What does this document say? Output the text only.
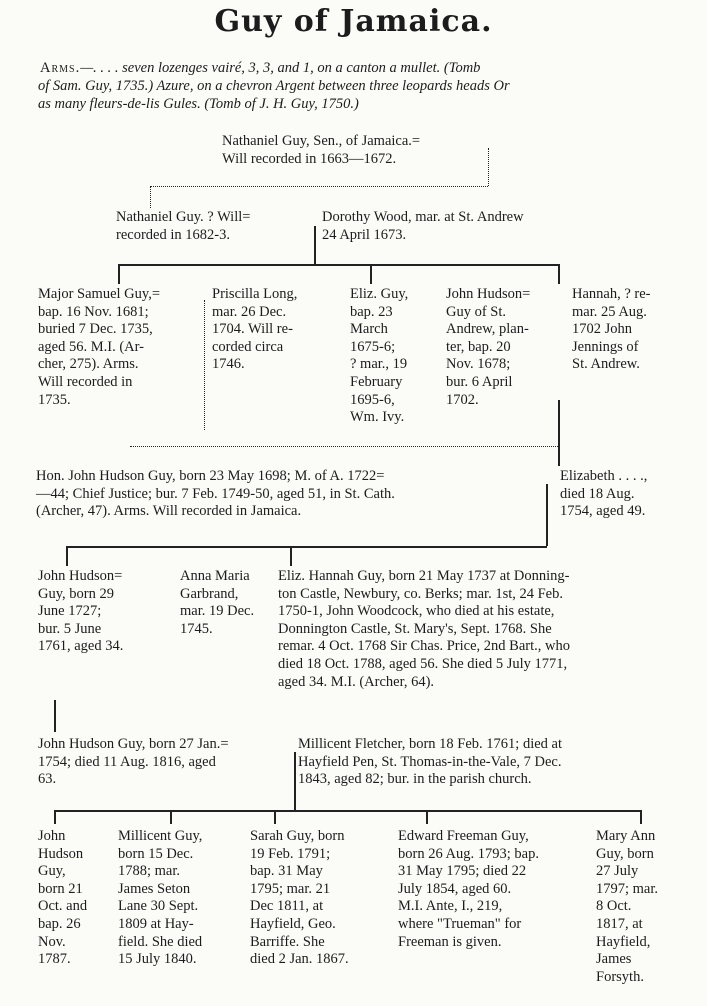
Guy of Jamaica.
Arms.—. . . . seven lozenges vairé, 3, 3, and 1, on a canton a mullet. (Tomb
of Sam. Guy, 1735.) Azure, on a chevron Argent between three leopards heads Or
as many fleurs-de-lis Gules. (Tomb of J. H. Guy, 1750.)
Nathaniel Guy, Sen., of Jamaica.=
Will recorded in 1663—1672.
Nathaniel Guy. ? Will=
recorded in 1682-3.
Dorothy Wood, mar. at St. Andrew
24 April 1673.
Major Samuel Guy,=
bap. 16 Nov. 1681;
buried 7 Dec. 1735,
aged 56. M.I. (Ar-
cher, 275). Arms.
Will recorded in
1735.
Priscilla Long,
mar. 26 Dec.
1704. Will re-
corded circa
1746.
Eliz. Guy,
bap. 23
March
1675-6;
? mar., 19
February
1695-6,
Wm. Ivy.
John Hudson=
Guy of St.
Andrew, plan-
ter, bap. 20
Nov. 1678;
bur. 6 April
1702.
Hannah, ? re-
mar. 25 Aug.
1702 John
Jennings of
St. Andrew.
Hon. John Hudson Guy, born 23 May 1698; M. of A. 1722=
—44; Chief Justice; bur. 7 Feb. 1749-50, aged 51, in St. Cath.
(Archer, 47). Arms. Will recorded in Jamaica.
Elizabeth . . . .,
died 18 Aug.
1754, aged 49.
John Hudson=
Guy, born 29
June 1727;
bur. 5 June
1761, aged 34.
Anna Maria
Garbrand,
mar. 19 Dec.
1745.
Eliz. Hannah Guy, born 21 May 1737 at Donning-
ton Castle, Newbury, co. Berks; mar. 1st, 24 Feb.
1750-1, John Woodcock, who died at his estate,
Donnington Castle, St. Mary's, Sept. 1768. She
remar. 4 Oct. 1768 Sir Chas. Price, 2nd Bart., who
died 18 Oct. 1788, aged 56. She died 5 July 1771,
aged 34. M.I. (Archer, 64).
John Hudson Guy, born 27 Jan.=
1754; died 11 Aug. 1816, aged
63.
Millicent Fletcher, born 18 Feb. 1761; died at
Hayfield Pen, St. Thomas-in-the-Vale, 7 Dec.
1843, aged 82; bur. in the parish church.
John
Hudson
Guy,
born 21
Oct. and
bap. 26
Nov.
1787.
Millicent Guy,
born 15 Dec.
1788; mar.
James Seton
Lane 30 Sept.
1809 at Hay-
field. She died
15 July 1840.
Sarah Guy, born
19 Feb. 1791;
bap. 31 May
1795; mar. 21
Dec 1811, at
Hayfield, Geo.
Barriffe. She
died 2 Jan. 1867.
Edward Freeman Guy,
born 26 Aug. 1793; bap.
31 May 1795; died 22
July 1854, aged 60.
M.I. Ante, I., 219,
where "Trueman" for
Freeman is given.
Mary Ann
Guy, born
27 July
1797; mar.
8 Oct.
1817, at
Hayfield,
James
Forsyth.
